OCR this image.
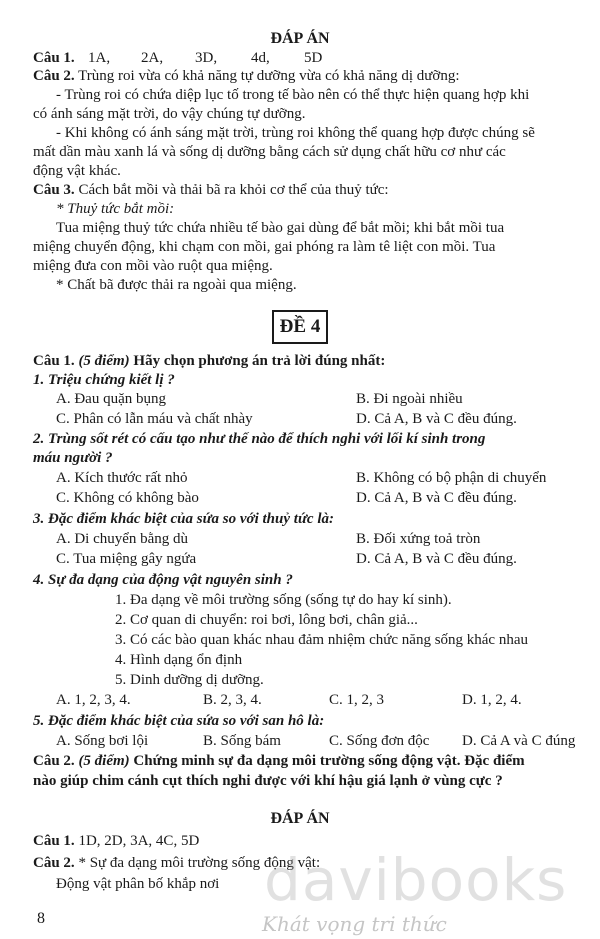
ĐÁP ÁN
Câu 1. 1A, 2A, 3D, 4d, 5D
Câu 2. Trùng roi vừa có khả năng tự dưỡng vừa có khả năng dị dưỡng:
- Trùng roi có chứa diệp lục tố trong tế bào nên có thể thực hiện quang hợp khi
có ánh sáng mặt trời, do vậy chúng tự dưỡng.
- Khi không có ánh sáng mặt trời, trùng roi không thể quang hợp được chúng sẽ
mất dần màu xanh lá và sống dị dưỡng bằng cách sử dụng chất hữu cơ như các
động vật khác.
Câu 3. Cách bắt mồi và thải bã ra khỏi cơ thể của thuỷ tức:
* Thuỷ tức bắt mồi:
Tua miệng thuỷ tức chứa nhiều tế bào gai dùng để bắt mồi; khi bắt mồi tua
miệng chuyển động, khi chạm con mồi, gai phóng ra làm tê liệt con mồi. Tua
miệng đưa con mồi vào ruột qua miệng.
* Chất bã được thải ra ngoài qua miệng.
ĐỀ 4
Câu 1. (5 điểm) Hãy chọn phương án trả lời đúng nhất:
1. Triệu chứng kiết lị ?
A. Đau quặn bụng	B. Đi ngoài nhiều
C. Phân có lẫn máu và chất nhày	D. Cả A, B và C đều đúng.
2. Trùng sốt rét có cấu tạo như thế nào để thích nghi với lối kí sinh trong
máu người ?
A. Kích thước rất nhỏ	B. Không có bộ phận di chuyển
C. Không có không bào	D. Cả A, B và C đều đúng.
3. Đặc điểm khác biệt của sứa so với thuỷ tức là:
A. Di chuyển bằng dù	B. Đối xứng toả tròn
C. Tua miệng gây ngứa	D. Cả A, B và C đều đúng.
4. Sự đa dạng của động vật nguyên sinh ?
1. Đa dạng về môi trường sống (sống tự do hay kí sinh).
2. Cơ quan di chuyển: roi bơi, lông bơi, chân giả...
3. Có các bào quan khác nhau đảm nhiệm chức năng sống khác nhau
4. Hình dạng ổn định
5. Dinh dưỡng dị dưỡng.
A. 1, 2, 3, 4.	B. 2, 3, 4.	C. 1, 2, 3	D. 1, 2, 4.
5. Đặc điểm khác biệt của sứa so với san hô là:
A. Sống bơi lội	B. Sống bám	C. Sống đơn độc D. Cả A và C đúng
Câu 2. (5 điểm) Chứng minh sự đa dạng môi trường sống động vật. Đặc điểm
nào giúp chim cánh cụt thích nghi được với khí hậu giá lạnh ở vùng cực ?
ĐÁP ÁN
Câu 1. 1D, 2D, 3A, 4C, 5D
Câu 2. * Sự đa dạng môi trường sống động vật:
Động vật phân bố khắp nơi davibooks
Khát vọng tri thức
8
